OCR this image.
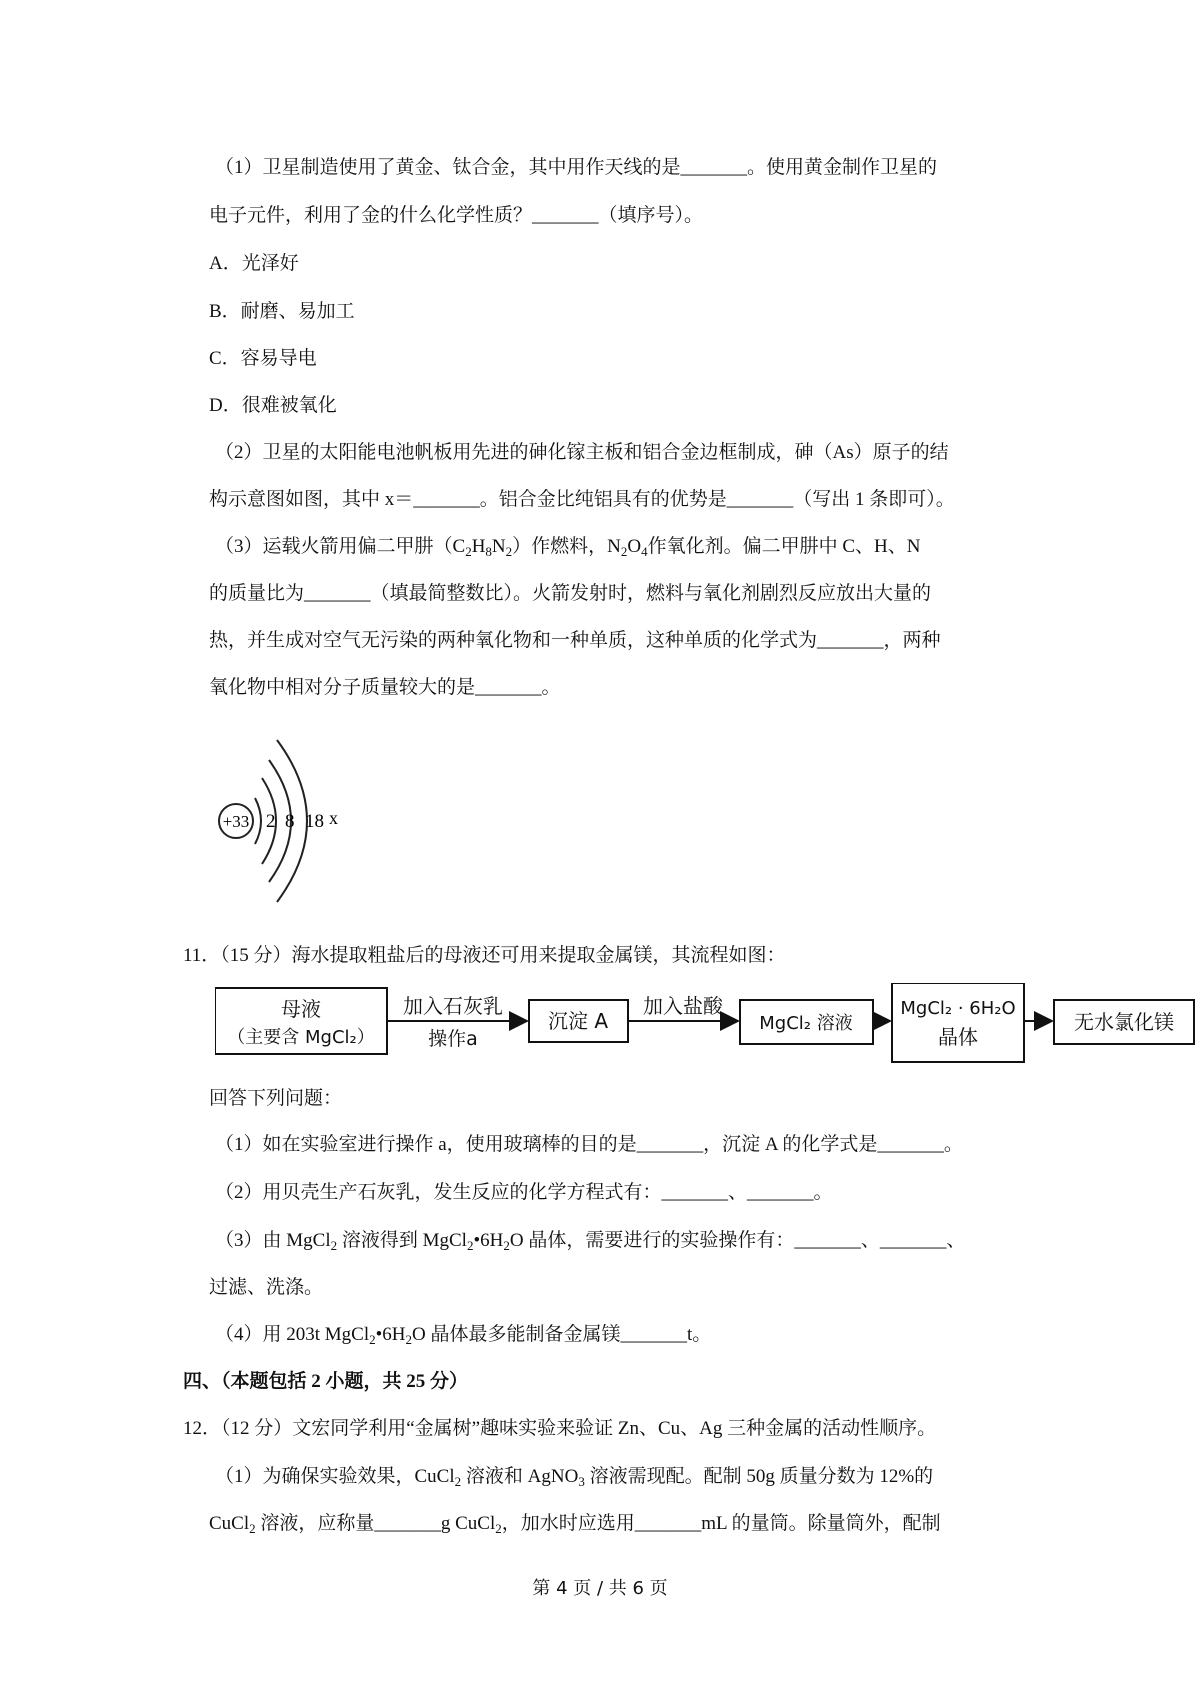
（1）卫星制造使用了黄金、钛合金，其中用作天线的是_______。使用黄金制作卫星的
电子元件，利用了金的什么化学性质？_______（填序号）。
A．光泽好
B．耐磨、易加工
C．容易导电
D．很难被氧化
（2）卫星的太阳能电池帆板用先进的砷化镓主板和铝合金边框制成，砷（As）原子的结
构示意图如图，其中 x＝_______。铝合金比纯铝具有的优势是_______（写出 1 条即可）。
（3）运载火箭用偏二甲肼$(C_2H_8N_2)$作燃料，$N_2O_4$作氧化剂。偏二甲肼中 C、H、N
的质量比为_______（填最简整数比）。火箭发射时，燃料与氧化剂剧烈反应放出大量的
热，并生成对空气无污染的两种氧化物和一种单质，这种单质的化学式为_______，两种
氧化物中相对分子质量较大的是_______。
+33 2 8 18 x
11．（15 分）海水提取粗盐后的母液还可用来提取金属镁，其流程如图：
母液
（主要含 MgCl₂）
加入石灰乳
操作a
沉淀 A
加入盐酸
MgCl₂ 溶液
MgCl₂ · 6H₂O
晶体
无水氯化镁
回答下列问题：
（1）如在实验室进行操作 a，使用玻璃棒的目的是_______，沉淀 A 的化学式是_______。
（2）用贝壳生产石灰乳，发生反应的化学方程式有：_______、_______。
（3）由 MgCl$_2$ 溶液得到 $MgCl_2•6H_2O$ 晶体，需要进行的实验操作有：_______、_______、
过滤、洗涤。
（4）用 203t $MgCl_2•6H_2O$ 晶体最多能制备金属镁_______t。
四、（本题包括 2 小题，共 25 分）
12．（12 分）文宏同学利用“金属树”趣味实验来验证 Zn、Cu、Ag 三种金属的活动性顺序。
（1）为确保实验效果，CuCl$_2$ 溶液和 AgNO$_3$ 溶液需现配。配制 50g 质量分数为 12%的
CuCl$_2$ 溶液，应称量_______g CuCl$_2$，加水时应选用_______mL 的量筒。除量筒外，配制
第 4 页 / 共 6 页
